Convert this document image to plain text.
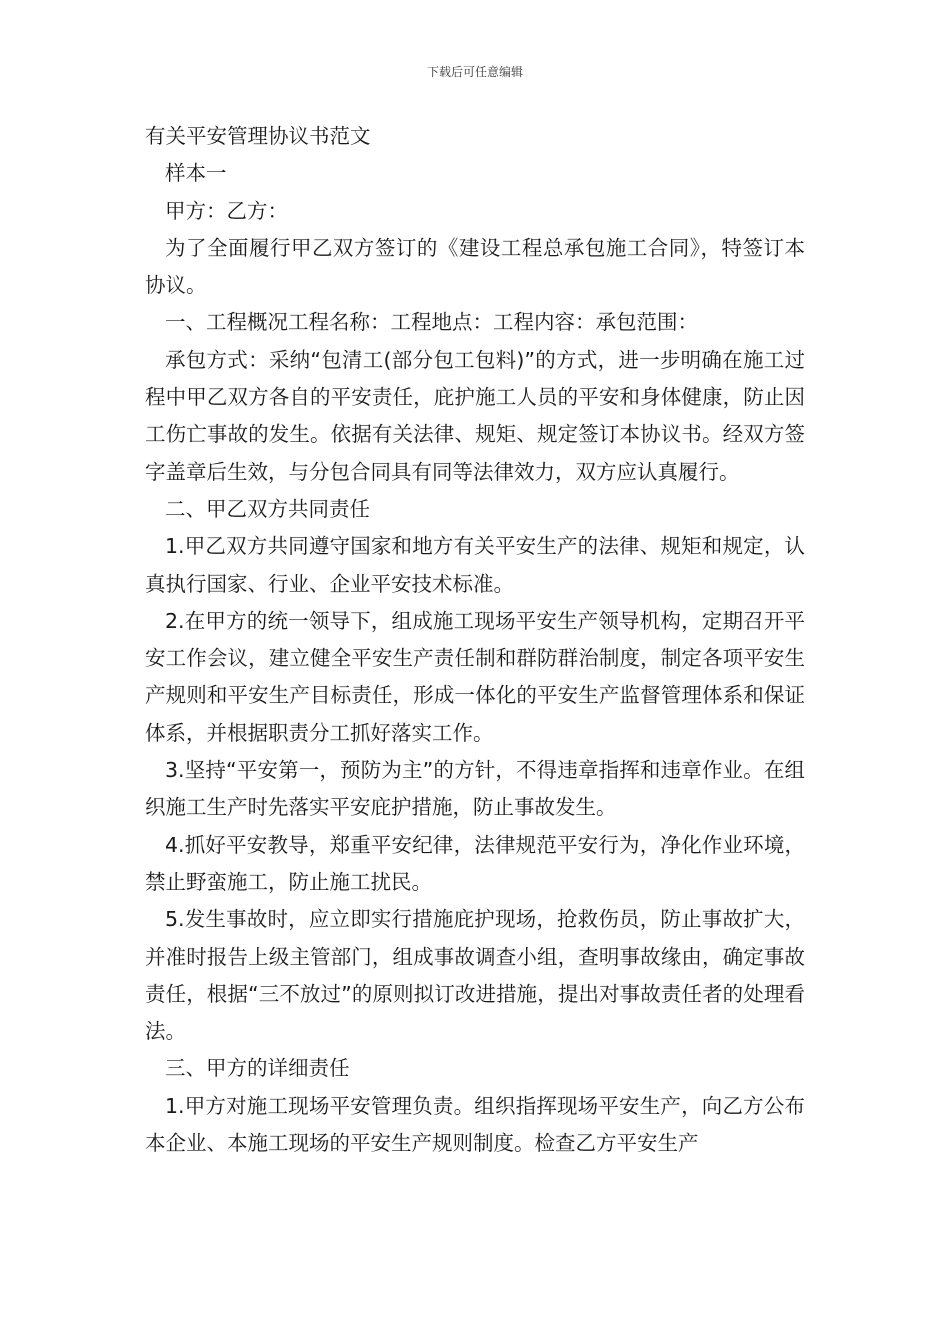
下载后可任意编辑

有关平安管理协议书范文

样本一

甲方：乙方：

为了全面履行甲乙双方签订的《建设工程总承包施工合同》，特签订本协议。

一、工程概况工程名称：工程地点：工程内容：承包范围：

承包方式：采纳“包清工(部分包工包料)”的方式，进一步明确在施工过程中甲乙双方各自的平安责任，庇护施工人员的平安和身体健康，防止因工伤亡事故的发生。依据有关法律、规矩、规定签订本协议书。经双方签字盖章后生效，与分包合同具有同等法律效力，双方应认真履行。

二、甲乙双方共同责任

1.甲乙双方共同遵守国家和地方有关平安生产的法律、规矩和规定，认真执行国家、行业、企业平安技术标准。

2.在甲方的统一领导下，组成施工现场平安生产领导机构，定期召开平安工作会议，建立健全平安生产责任制和群防群治制度，制定各项平安生产规则和平安生产目标责任，形成一体化的平安生产监督管理体系和保证体系，并根据职责分工抓好落实工作。

3.坚持“平安第一，预防为主”的方针，不得违章指挥和违章作业。在组织施工生产时先落实平安庇护措施，防止事故发生。

4.抓好平安教导，郑重平安纪律，法律规范平安行为，净化作业环境，禁止野蛮施工，防止施工扰民。

5.发生事故时，应立即实行措施庇护现场，抢救伤员，防止事故扩大，并准时报告上级主管部门，组成事故调查小组，查明事故缘由，确定事故责任，根据“三不放过”的原则拟订改进措施，提出对事故责任者的处理看法。

三、甲方的详细责任

1.甲方对施工现场平安管理负责。组织指挥现场平安生产，向乙方公布本企业、本施工现场的平安生产规则制度。检查乙方平安生产
